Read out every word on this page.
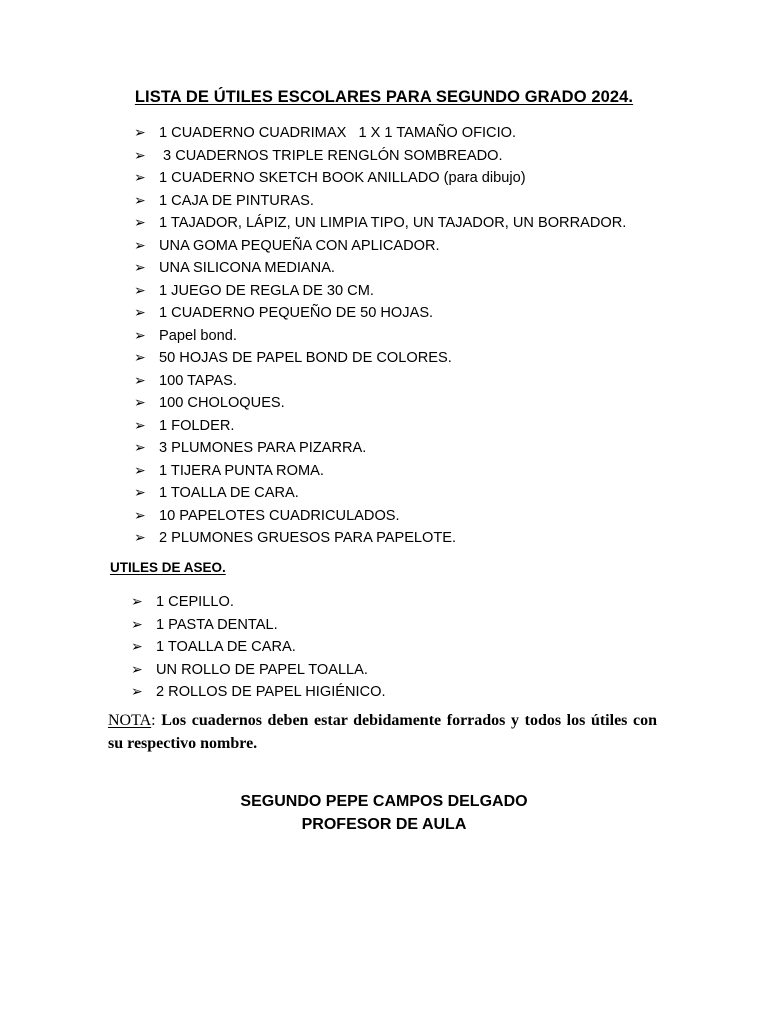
LISTA DE ÚTILES ESCOLARES PARA SEGUNDO GRADO 2024.
➢ 1 CUADERNO CUADRIMAX   1 X 1 TAMAÑO OFICIO.
➢ 3 CUADERNOS TRIPLE RENGLÓN SOMBREADO.
➢ 1 CUADERNO SKETCH BOOK ANILLADO (para dibujo)
➢ 1 CAJA DE PINTURAS.
➢ 1 TAJADOR, LÁPIZ, UN LIMPIA TIPO, UN TAJADOR, UN BORRADOR.
➢ UNA GOMA PEQUEÑA CON APLICADOR.
➢ UNA SILICONA MEDIANA.
➢ 1 JUEGO DE REGLA DE 30 CM.
➢ 1 CUADERNO PEQUEÑO DE 50 HOJAS.
➢ Papel bond.
➢ 50 HOJAS DE PAPEL BOND DE COLORES.
➢ 100 TAPAS.
➢ 100 CHOLOQUES.
➢ 1 FOLDER.
➢ 3 PLUMONES PARA PIZARRA.
➢ 1 TIJERA PUNTA ROMA.
➢ 1 TOALLA DE CARA.
➢ 10 PAPELOTES CUADRICULADOS.
➢ 2 PLUMONES GRUESOS PARA PAPELOTE.
UTILES DE ASEO.
➢ 1 CEPILLO.
➢ 1 PASTA DENTAL.
➢ 1 TOALLA DE CARA.
➢ UN ROLLO DE PAPEL TOALLA.
➢ 2 ROLLOS DE PAPEL HIGIÉNICO.
NOTA: Los cuadernos deben estar debidamente forrados y todos los útiles con su respectivo nombre.
SEGUNDO PEPE CAMPOS DELGADO
PROFESOR DE AULA
